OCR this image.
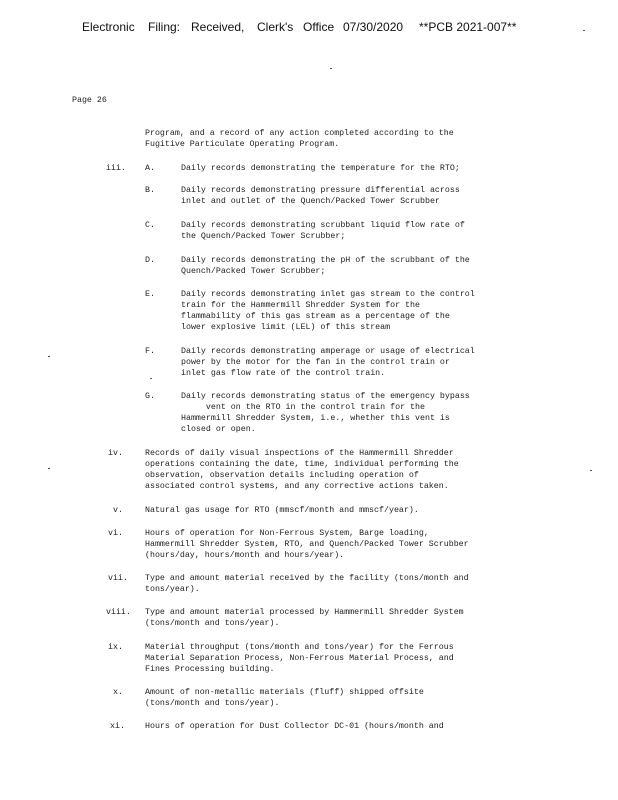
Electronic Filing: Received, Clerk's Office 07/30/2020 **PCB 2021-007**
Page 26
Program, and a record of any action completed according to the
Fugitive Particulate Operating Program.
iii. A.	Daily records demonstrating the temperature for the RTO;
B.	Daily records demonstrating pressure differential across
inlet and outlet of the Quench/Packed Tower Scrubber
C.	Daily records demonstrating scrubbant liquid flow rate of
the Quench/Packed Tower Scrubber;
D.	Daily records demonstrating the pH of the scrubbant of the
Quench/Packed Tower Scrubber;
E.	Daily records demonstrating inlet gas stream to the control
train for the Hammermill Shredder System for the
flammability of this gas stream as a percentage of the
lower explosive limit (LEL) of this stream
F.	Daily records demonstrating amperage or usage of electrical
power by the motor for the fan in the control train or
inlet gas flow rate of the control train.
G.	Daily records demonstrating status of the emergency bypass
vent on the RTO in the control train for the
Hammermill Shredder System, i.e., whether this vent is
closed or open.
iv.	Records of daily visual inspections of the Hammermill Shredder
operations containing the date, time, individual performing the
observation, observation details including operation of
associated control systems, and any corrective actions taken.
v.	Natural gas usage for RTO (mmscf/month and mmscf/year).
vi.	Hours of operation for Non-Ferrous System, Barge loading,
Hammermill Shredder System, RTO, and Quench/Packed Tower Scrubber
(hours/day, hours/month and hours/year).
vii. Type and amount material received by the facility (tons/month and
tons/year).
viii. Type and amount material processed by Hammermill Shredder System
(tons/month and tons/year).
ix.	Material throughput (tons/month and tons/year) for the Ferrous
Material Separation Process, Non-Ferrous Material Process, and
Fines Processing building.
x.	Amount of non-metallic materials (fluff) shipped offsite
(tons/month and tons/year).
xi. Hours of operation for Dust Collector DC-01 (hours/month and
